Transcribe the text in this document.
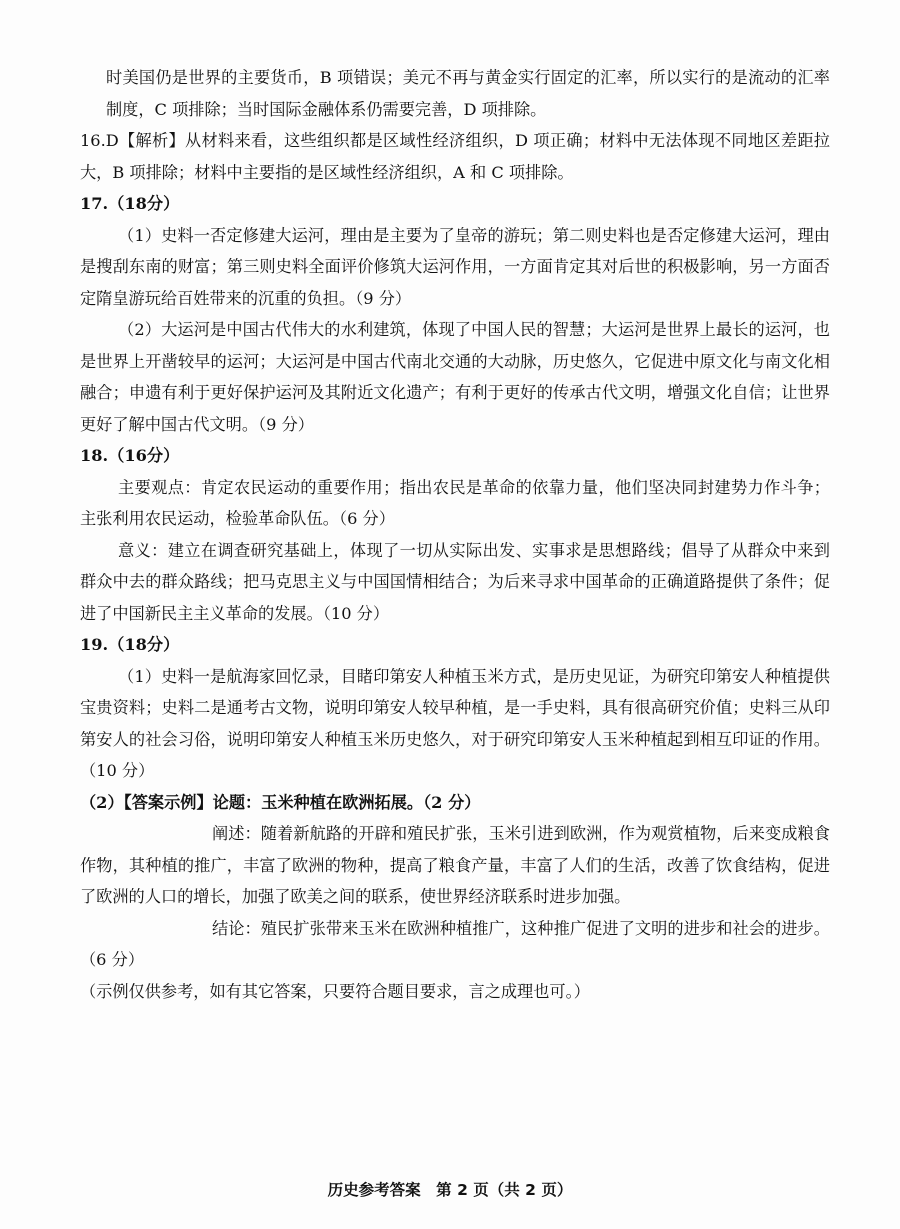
时美国仍是世界的主要货币，B 项错误；美元不再与黄金实行固定的汇率，所以实行的是流动的汇率制度，C 项排除；当时国际金融体系仍需要完善，D 项排除。

16.D【解析】从材料来看，这些组织都是区域性经济组织，D 项正确；材料中无法体现不同地区差距拉大，B 项排除；材料中主要指的是区域性经济组织，A 和 C 项排除。

17.（18分）

（1）史料一否定修建大运河，理由是主要为了皇帝的游玩；第二则史料也是否定修建大运河，理由是搜刮东南的财富；第三则史料全面评价修筑大运河作用，一方面肯定其对后世的积极影响，另一方面否定隋皇游玩给百姓带来的沉重的负担。（9 分）

（2）大运河是中国古代伟大的水利建筑，体现了中国人民的智慧；大运河是世界上最长的运河，也是世界上开凿较早的运河；大运河是中国古代南北交通的大动脉，历史悠久，它促进中原文化与南文化相融合；申遗有利于更好保护运河及其附近文化遗产；有利于更好的传承古代文明，增强文化自信；让世界更好了解中国古代文明。（9 分）

18.（16分）

主要观点：肯定农民运动的重要作用；指出农民是革命的依靠力量，他们坚决同封建势力作斗争；主张利用农民运动，检验革命队伍。（6 分）

意义：建立在调查研究基础上，体现了一切从实际出发、实事求是思想路线；倡导了从群众中来到群众中去的群众路线；把马克思主义与中国国情相结合；为后来寻求中国革命的正确道路提供了条件；促进了中国新民主主义革命的发展。（10 分）

19.（18分）

（1）史料一是航海家回忆录，目睹印第安人种植玉米方式，是历史见证，为研究印第安人种植提供宝贵资料；史料二是通考古文物，说明印第安人较早种植，是一手史料，具有很高研究价值；史料三从印第安人的社会习俗，说明印第安人种植玉米历史悠久，对于研究印第安人玉米种植起到相互印证的作用。（10 分）

（2）【答案示例】论题：玉米种植在欧洲拓展。（2 分）

阐述：随着新航路的开辟和殖民扩张，玉米引进到欧洲，作为观赏植物，后来变成粮食作物，其种植的推广，丰富了欧洲的物种，提高了粮食产量，丰富了人们的生活，改善了饮食结构，促进了欧洲的人口的增长，加强了欧美之间的联系，使世界经济联系时进步加强。

结论：殖民扩张带来玉米在欧洲种植推广，这种推广促进了文明的进步和社会的进步。（6 分）

（示例仅供参考，如有其它答案，只要符合题目要求，言之成理也可。）

历史参考答案　第 2 页（共 2 页）
